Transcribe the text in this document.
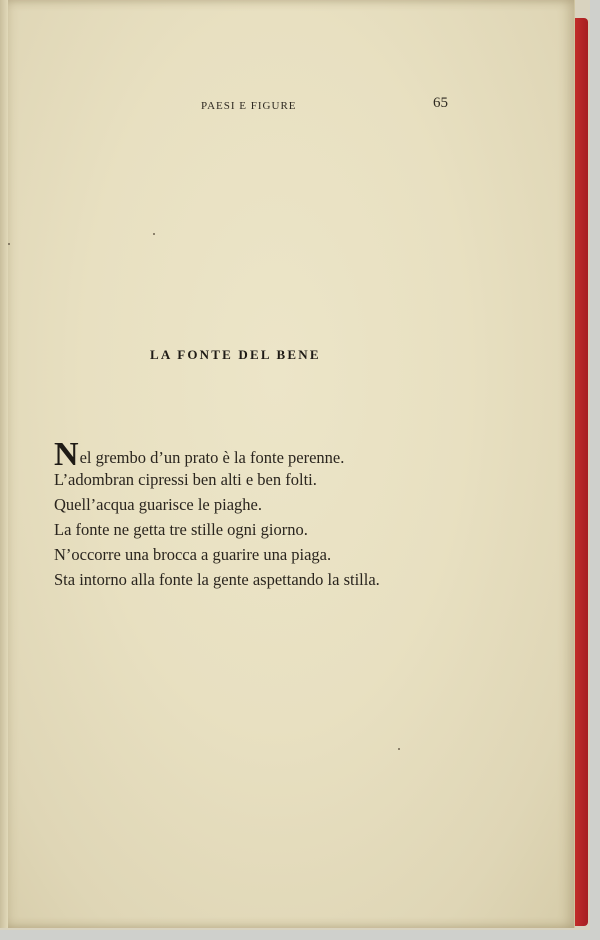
PAESI E FIGURE	65
LA FONTE DEL BENE
Nel grembo d’un prato è la fonte perenne.
L’adombran cipressi ben alti e ben folti.
Quell’acqua guarisce le piaghe.
La fonte ne getta tre stille ogni giorno.
N’occorre una brocca a guarire una piaga.
Sta intorno alla fonte la gente aspettando la stilla.
